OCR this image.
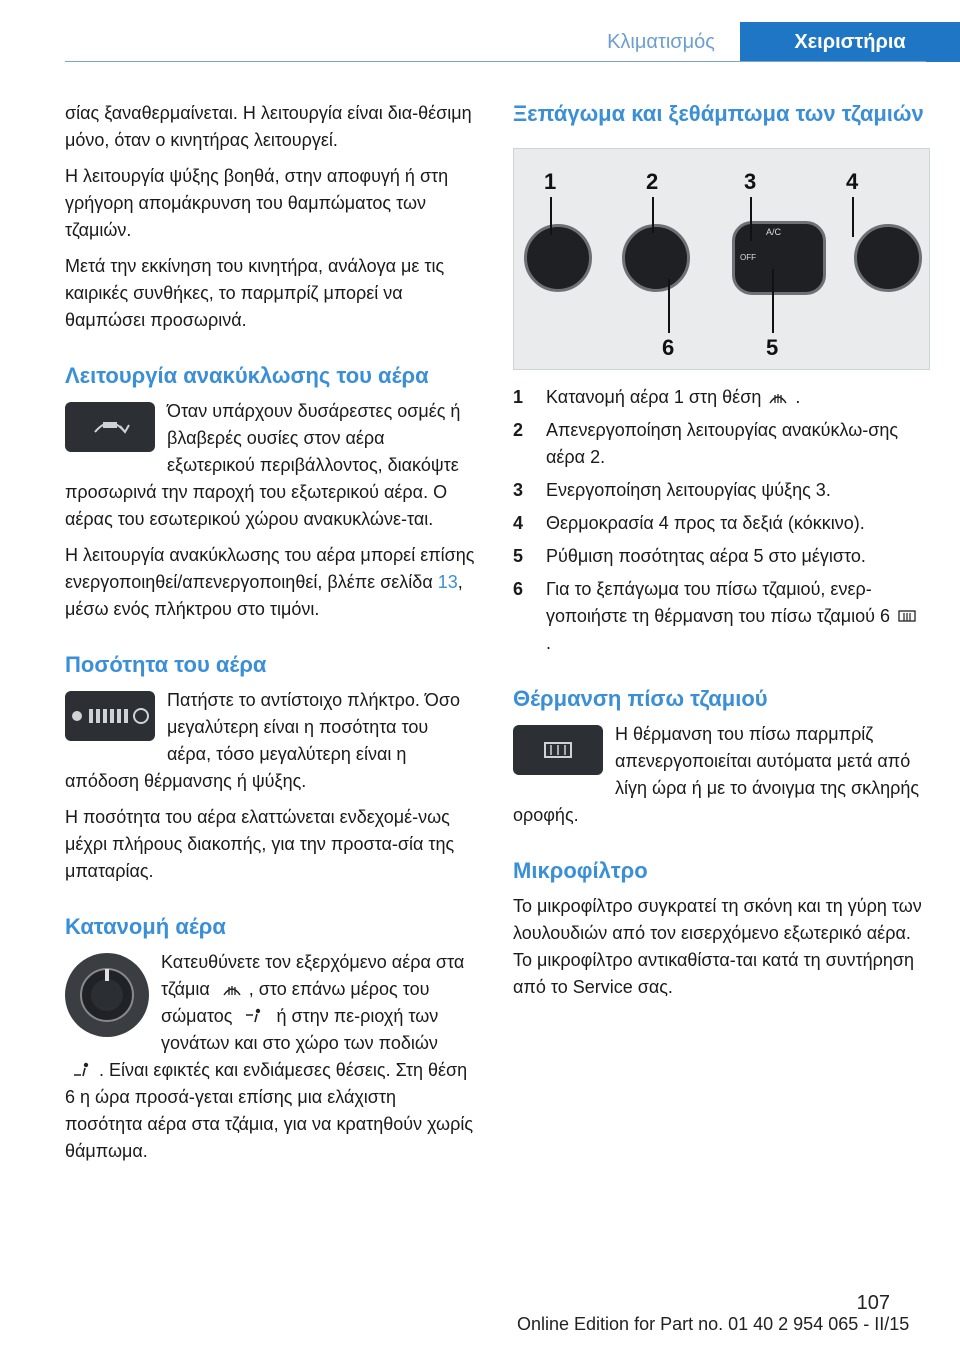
Κλιματισμός	Χειριστήρια

σίας ξαναθερμαίνεται. Η λειτουργία είναι δια-θέσιμη μόνο, όταν ο κινητήρας λειτουργεί.

Η λειτουργία ψύξης βοηθά, στην αποφυγή ή στη γρήγορη απομάκρυνση του θαμπώματος των τζαμιών.

Μετά την εκκίνηση του κινητήρα, ανάλογα με τις καιρικές συνθήκες, το παρμπρίζ μπορεί να θαμπώσει προσωρινά.

Λειτουργία ανακύκλωσης του αέρα

Όταν υπάρχουν δυσάρεστες οσμές ή βλαβερές ουσίες στον αέρα εξωτερικού περιβάλλοντος, διακόψτε προσωρινά την παροχή του εξωτερικού αέρα. Ο αέρας του εσωτερικού χώρου ανακυκλώνε-ται.

Η λειτουργία ανακύκλωσης του αέρα μπορεί επίσης ενεργοποιηθεί/απενεργοποιηθεί, βλέπε σελίδα 13, μέσω ενός πλήκτρου στο τιμόνι.

Ποσότητα του αέρα

Πατήστε το αντίστοιχο πλήκτρο. Όσο μεγαλύτερη είναι η ποσότητα του αέρα, τόσο μεγαλύτερη είναι η απόδοση θέρμανσης ή ψύξης.

Η ποσότητα του αέρα ελαττώνεται ενδεχομέ-νως μέχρι πλήρους διακοπής, για την προστα-σία της μπαταρίας.

Κατανομή αέρα

Κατευθύνετε τον εξερχόμενο αέρα στα τζάμια , στο επάνω μέρος του σώματος  ή στην πε-ριοχή των γονάτων και στο χώρο των ποδιών . Είναι εφικτές και ενδιάμεσες θέσεις. Στη θέση 6 η ώρα προσά-γεται επίσης μια ελάχιστη ποσότητα αέρα στα τζάμια, για να κρατηθούν χωρίς θάμπωμα.

Ξεπάγωμα και ξεθάμπωμα των τζαμιών
1	2	3	4
6	5
A/C
OFF
1 Κατανομή αέρα 1 στη θέση .
2 Απενεργοποίηση λειτουργίας ανακύκλω-σης αέρα 2.
3 Ενεργοποίηση λειτουργίας ψύξης 3.
4 Θερμοκρασία 4 προς τα δεξιά (κόκκινο).
5 Ρύθμιση ποσότητας αέρα 5 στο μέγιστο.
6 Για το ξεπάγωμα του πίσω τζαμιού, ενερ-γοποιήστε τη θέρμανση του πίσω τζαμιού 6.
Θέρμανση πίσω τζαμιού

Η θέρμανση του πίσω παρμπρίζ απενεργοποιείται αυτόματα μετά από λίγη ώρα ή με το άνοιγμα της σκληρής οροφής.

Μικροφίλτρο

Το μικροφίλτρο συγκρατεί τη σκόνη και τη γύρη των λουλουδιών από τον εισερχόμενο εξωτερικό αέρα. Το μικροφίλτρο αντικαθίστα-ται κατά τη συντήρηση από το Service σας.

107
Online Edition for Part no. 01 40 2 954 065 - II/15
